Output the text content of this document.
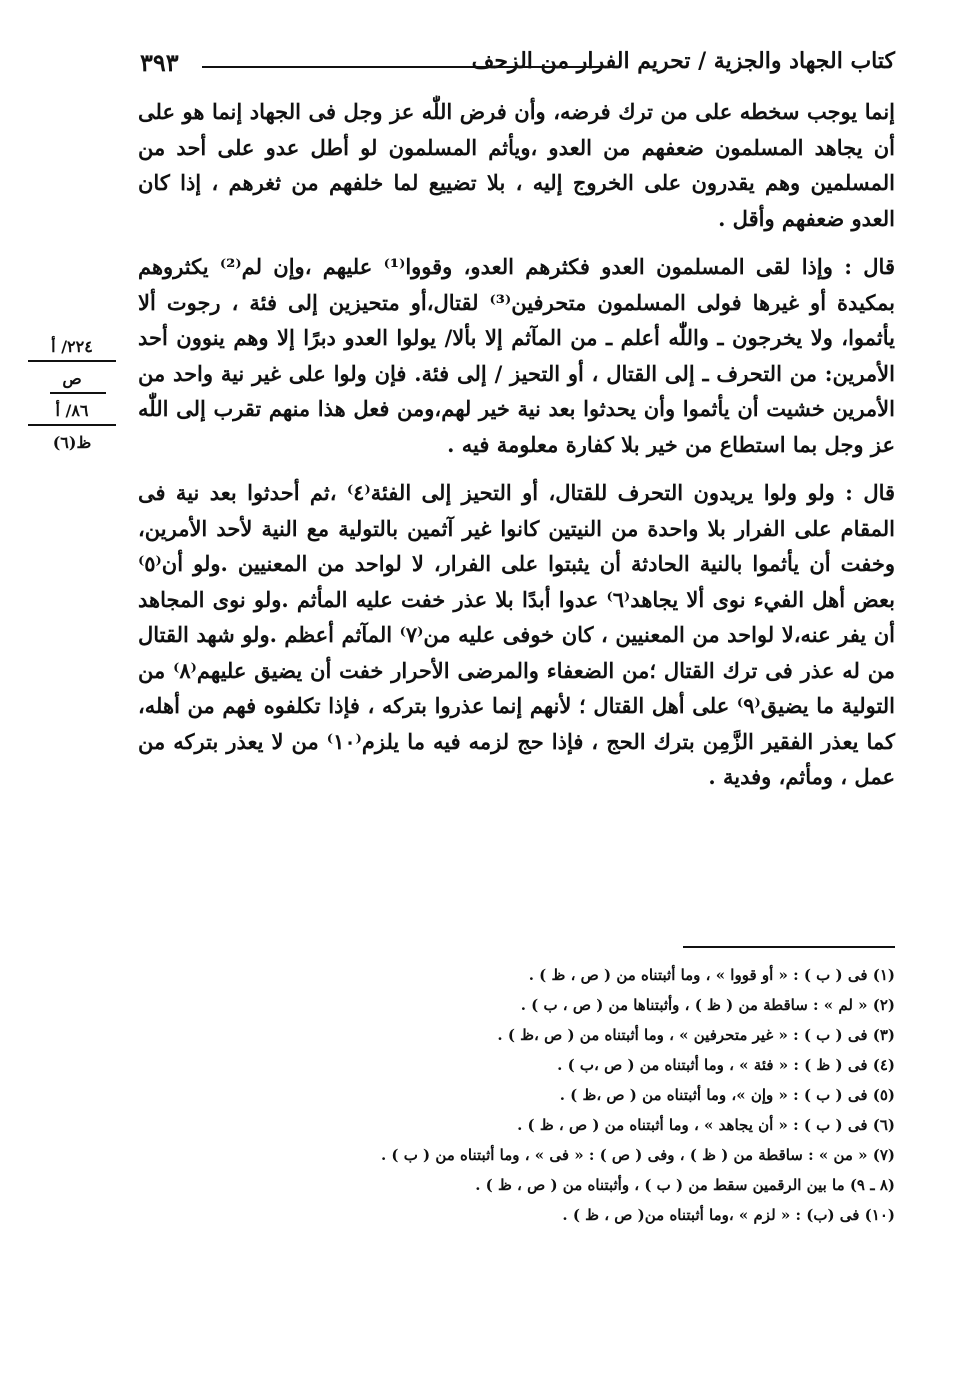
٣٩٣	كتاب الجهاد والجزية / تحريم الفرار من الزحف
٢٢٤/ أ
ص
٨٦/ أ
ظ(٦)

إنما يوجب سخطه على من ترك فرضه، وأن فرض اللّٰه عز وجل فى الجهاد إنما هو على أن يجاهد المسلمون ضعفهم من العدو ،ويأثم المسلمون لو أطل عدو على أحد من المسلمين وهم يقدرون على الخروج إليه ، بلا تضييع لما خلفهم من ثغرهم ، إذا كان العدو ضعفهم وأقل .

قال : وإذا لقى المسلمون العدو فكثرهم العدو، وقووا⁽¹⁾ عليهم ،وإن لم⁽²⁾ يكثروهم بمكيدة أو غيرها فولى المسلمون متحرفين⁽³⁾ لقتال،أو متحيزين إلى فئة ، رجوت ألا يأثموا، ولا يخرجون ـ واللّٰه أعلم ـ من المآثم إلا بألا/ يولوا العدو دبرًا إلا وهم ينوون أحد الأمرين: من التحرف ـ إلى القتال ، أو التحيز / إلى فئة. فإن ولوا على غير نية واحد من الأمرين خشيت أن يأثموا وأن يحدثوا بعد نية خير لهم،ومن فعل هذا منهم تقرب إلى اللّٰه عز وجل بما استطاع من خير بلا كفارة معلومة فيه .

قال : ولو ولوا يريدون التحرف للقتال، أو التحيز إلى الفئة⁽٤⁾ ،ثم أحدثوا بعد نية فى المقام على الفرار بلا واحدة من النيتين كانوا غير آثمين بالتولية مع النية لأحد الأمرين، وخفت أن يأثموا بالنية الحادثة أن يثبتوا على الفرار، لا لواحد من المعنيين .ولو أن⁽٥⁾ بعض أهل الفيء نوى ألا يجاهد⁽٦⁾ عدوا أبدًا بلا عذر خفت عليه المأثم .ولو نوى المجاهد أن يفر عنه،لا لواحد من المعنيين ، كان خوفى عليه من⁽٧⁾ المآثم أعظم .ولو شهد القتال من له عذر فى ترك القتال ؛من الضعفاء والمرضى الأحرار خفت أن يضيق عليهم⁽٨⁾ من التولية ما يضيق⁽٩⁾ على أهل القتال ؛ لأنهم إنما عذروا بتركه ، فإذا تكلفوه فهم من أهله، كما يعذر الفقير الزَّمِن بترك الحج ، فإذا حج لزمه فيه ما يلزم⁽١٠⁾ من لا يعذر بتركه من عمل ، ومأثم، وفدية .

(١) فى ( ب ) : « أو قووا » ، وما أثبتناه من ( ص ، ظ ) .
(٢) « لم » : ساقطة من ( ظ ) ، وأثبتناها من ( ص ، ب ) .
(٣) فى ( ب ) : « غير متحرفين » ، وما أثبتناه من ( ص ،ظ ) .
(٤) فى ( ظ ) : « فئة » ، وما أثبتناه من ( ص ،ب ) .
(٥) فى ( ب ) : « وإن »، وما أثبتناه من ( ص ،ظ ) .
(٦) فى ( ب ) : « أن يجاهد » ، وما أثبتناه من ( ص ، ظ ) .
(٧) « من » : ساقطة من ( ظ ) ، وفى ( ص ) : « فى » ، وما أثبتناه من ( ب ) .
(٨ ـ ٩) ما بين الرقمين سقط من ( ب ) ، وأثبتناه من ( ص ، ظ ) .
(١٠) فى (ب) : « لزم » ،وما أثبتناه من( ص ، ظ ) .
